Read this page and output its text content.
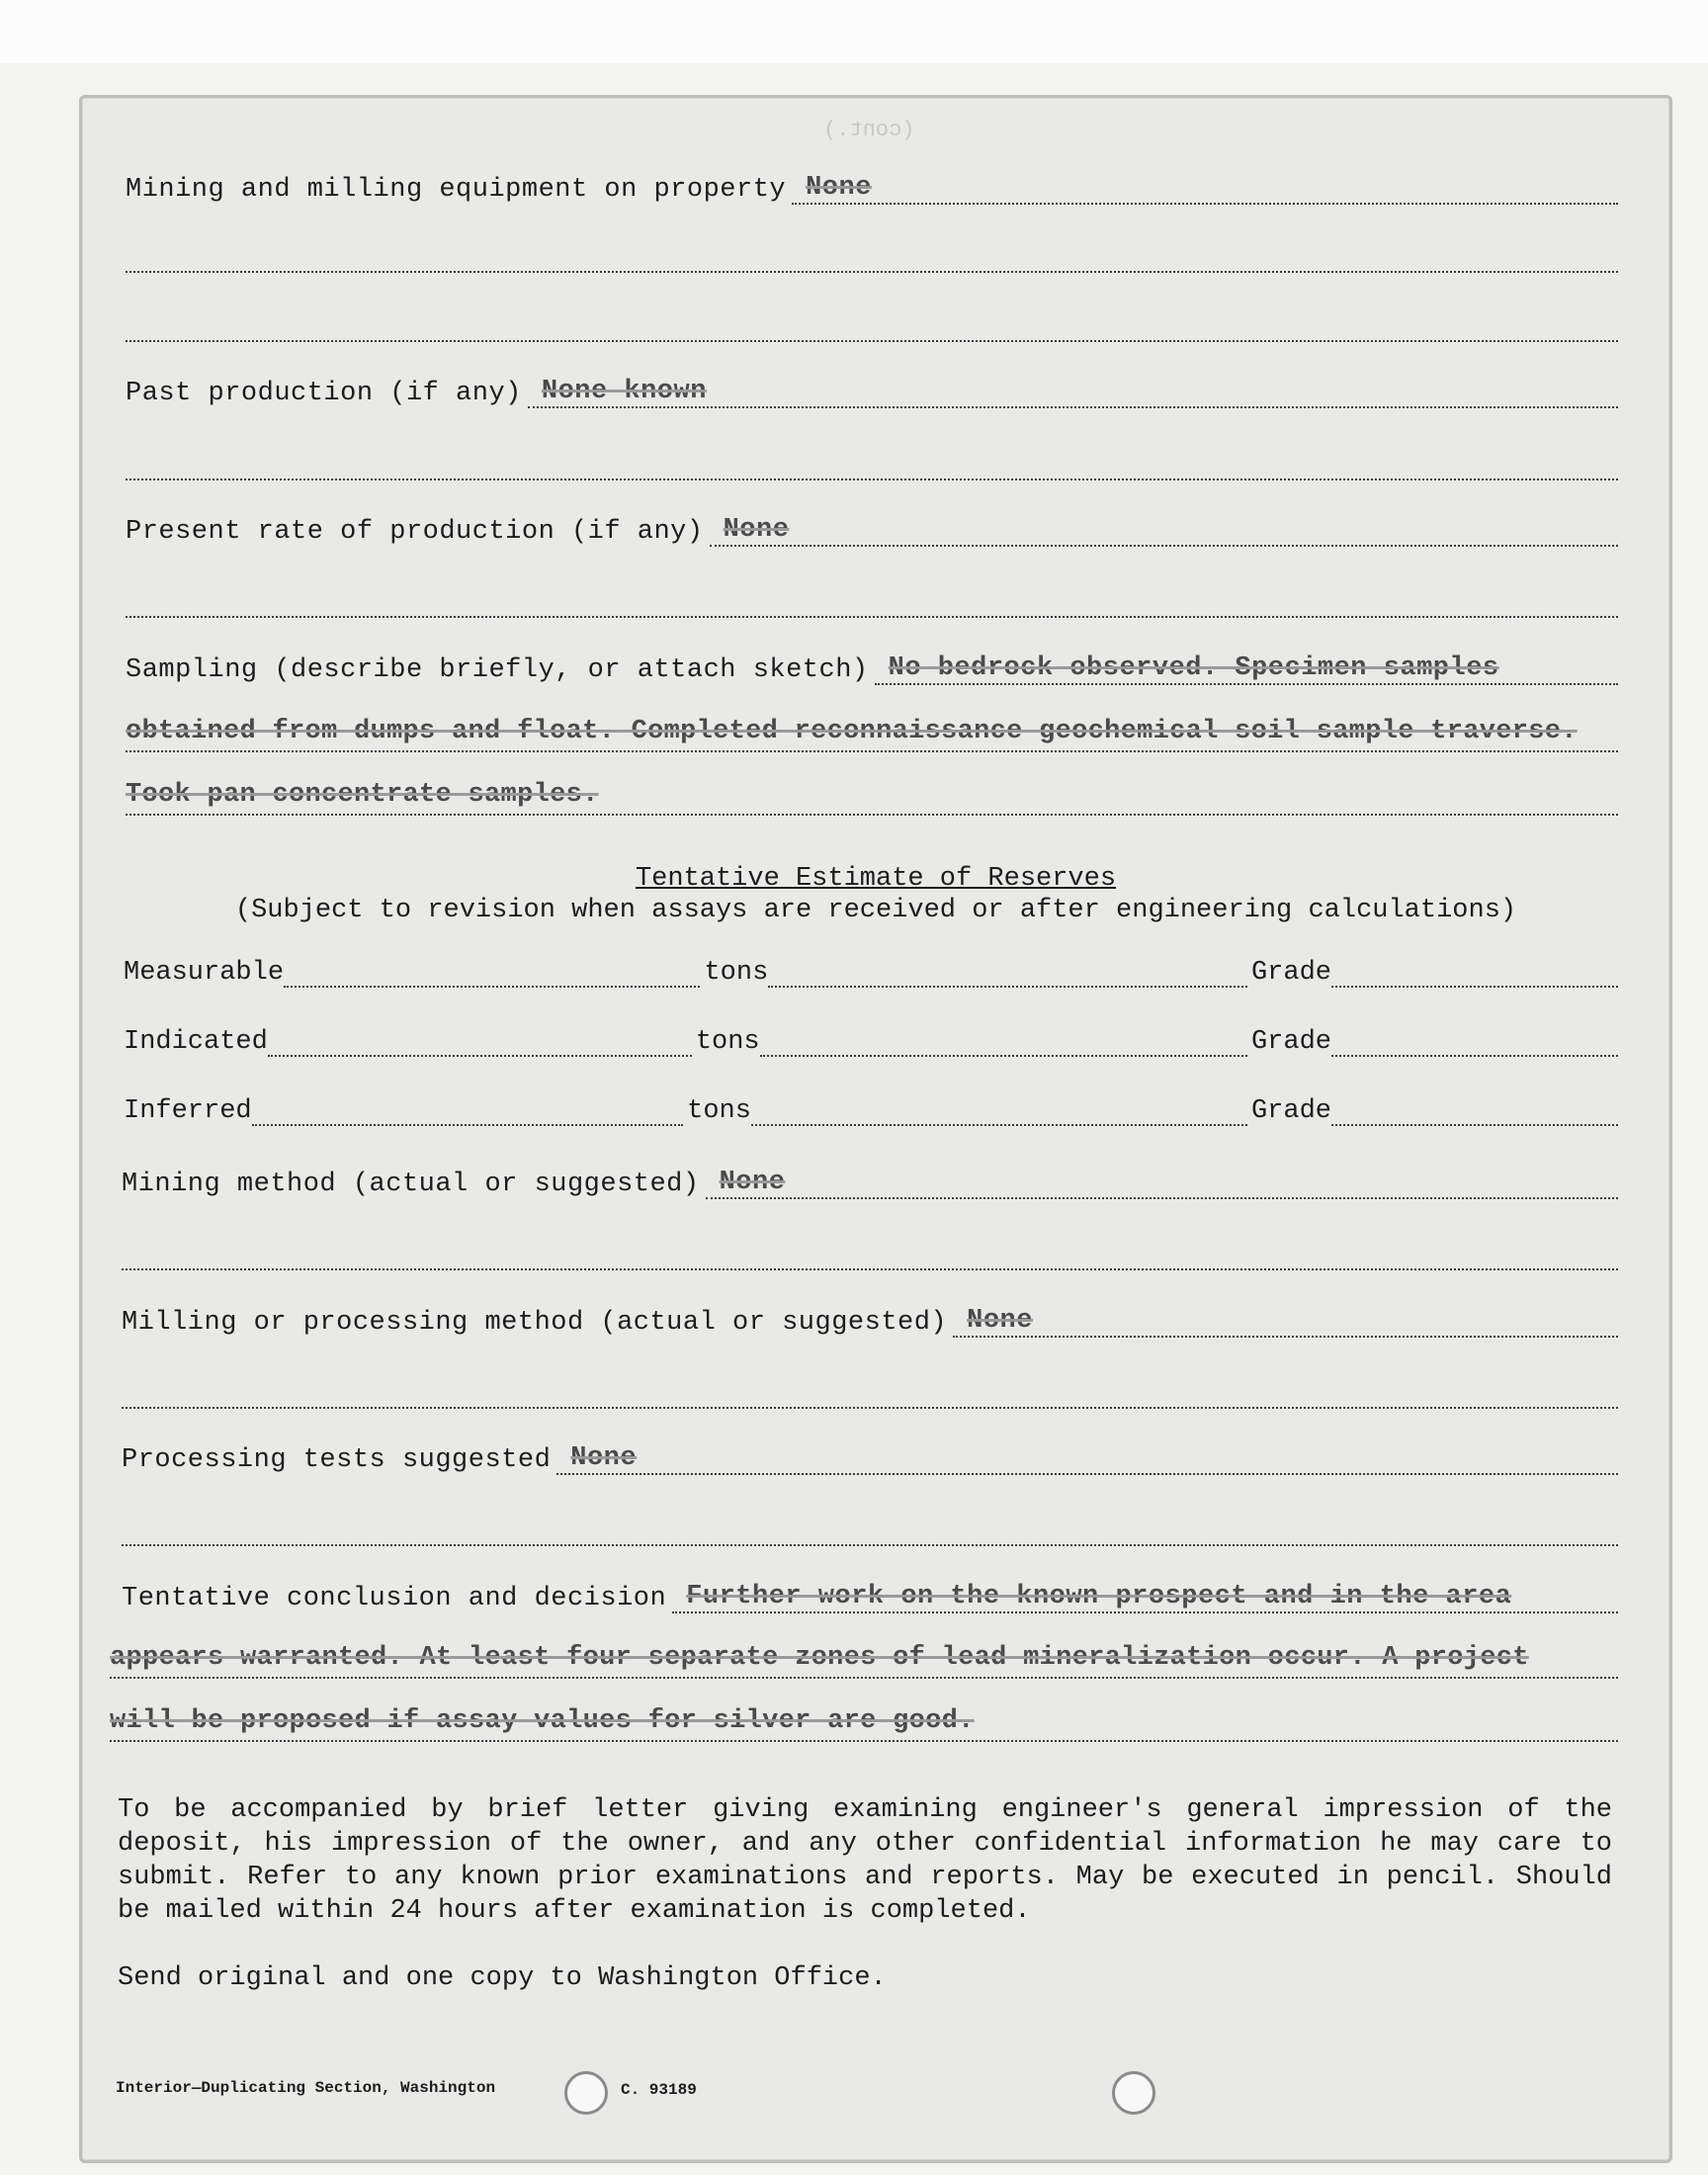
(cont.)
Mining and milling equipment on property None
Past production (if any) None known
Present rate of production (if any) None
Sampling (describe briefly, or attach sketch) No bedrock observed. Specimen samples
obtained from dumps and float. Completed reconnaissance geochemical soil sample traverse.
Took pan concentrate samples.
Tentative Estimate of Reserves
(Subject to revision when assays are received or after engineering calculations)
Measurable	tons	Grade
Indicated	tons	Grade
Inferred	tons	Grade
Mining method (actual or suggested) None
Milling or processing method (actual or suggested) None
Processing tests suggested None
Tentative conclusion and decision Further work on the known prospect and in the area
appears warranted. At least four separate zones of lead mineralization occur. A project
will be proposed if assay values for silver are good.
To be accompanied by brief letter giving examining engineer's general impression of the deposit, his impression of the owner, and any other confidential information he may care to submit. Refer to any known prior examinations and reports. May be executed in pencil. Should be mailed within 24 hours after examination is completed.
Send original and one copy to Washington Office.
Interior—Duplicating Section, Washington	C. 93189
